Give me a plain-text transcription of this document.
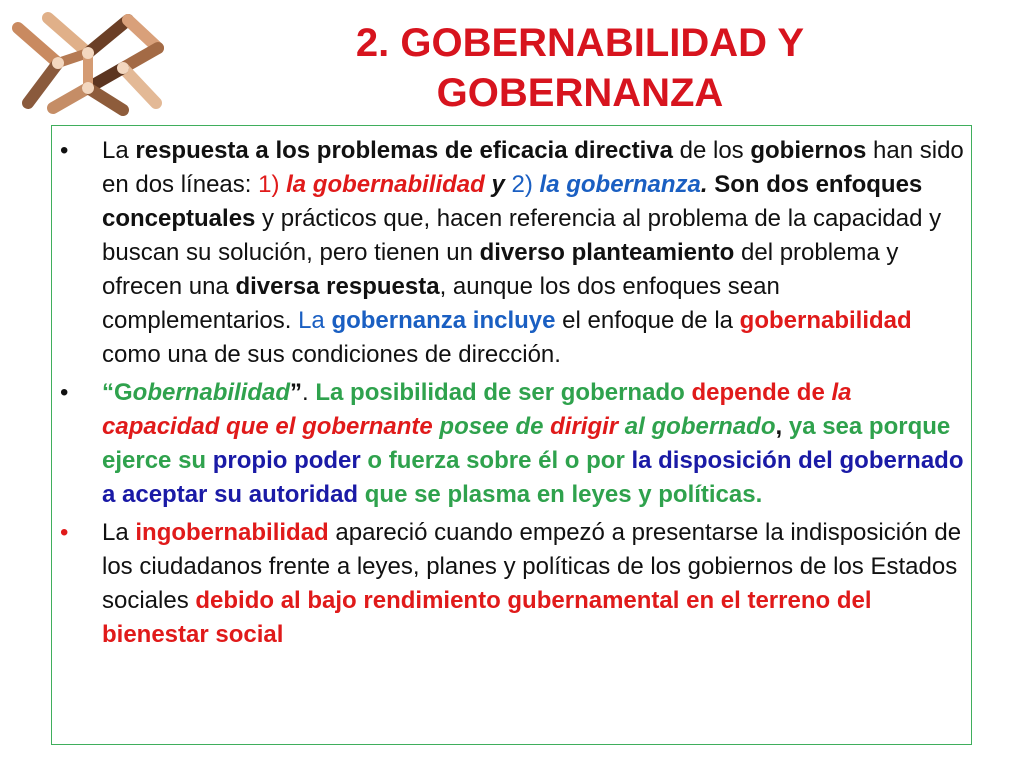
2. GOBERNABILIDAD Y
GOBERNANZA
• La respuesta a los problemas de eficacia directiva de los gobiernos han sido en dos líneas: 1) la gobernabilidad y 2) la gobernanza. Son dos enfoques conceptuales y prácticos que, hacen referencia al problema de la capacidad y buscan su solución, pero tienen un diverso planteamiento del problema y ofrecen una diversa respuesta, aunque los dos enfoques sean complementarios. La gobernanza incluye el enfoque de la gobernabilidad como una de sus condiciones de dirección.
• “Gobernabilidad”. La posibilidad de ser gobernado depende de la capacidad que el gobernante posee de dirigir al gobernado, ya sea porque ejerce su propio poder o fuerza sobre él o por la disposición del gobernado a aceptar su autoridad que se plasma en leyes y políticas.
• La ingobernabilidad apareció cuando empezó a presentarse la indisposición de los ciudadanos frente a leyes, planes y políticas de los gobiernos de los Estados sociales debido al bajo rendimiento gubernamental en el terreno del bienestar social
